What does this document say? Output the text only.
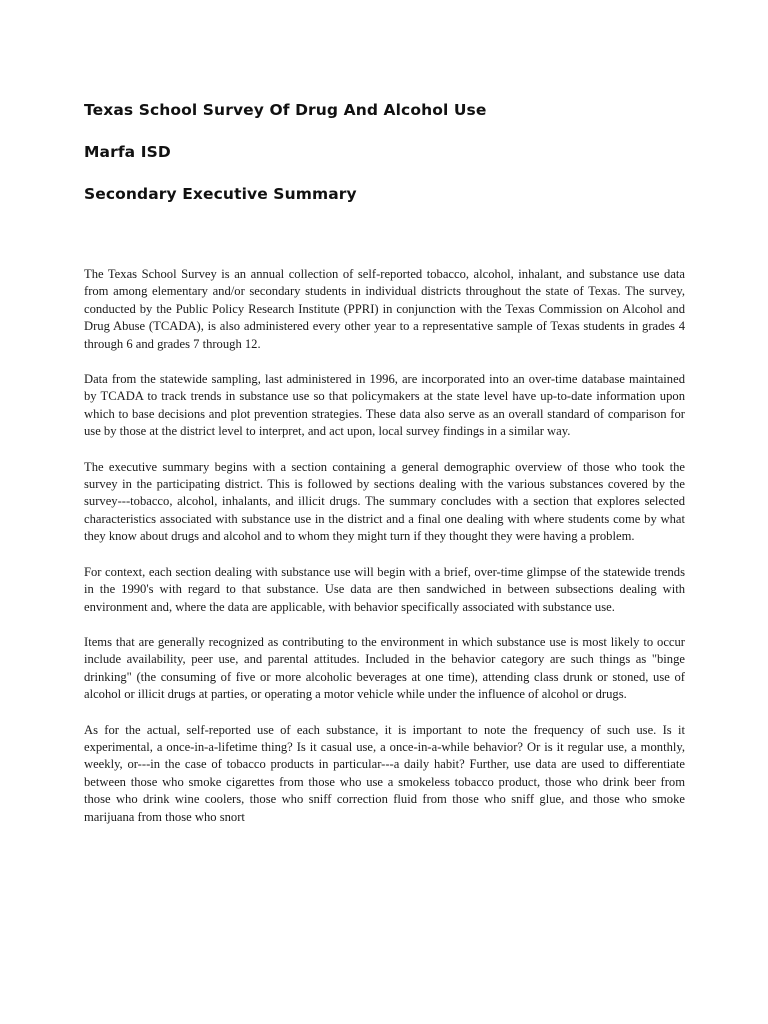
Texas School Survey Of Drug And Alcohol Use
Marfa ISD
Secondary Executive Summary

The Texas School Survey is an annual collection of self-reported tobacco, alcohol, inhalant, and substance use data from among elementary and/or secondary students in individual districts throughout the state of Texas. The survey, conducted by the Public Policy Research Institute (PPRI) in conjunction with the Texas Commission on Alcohol and Drug Abuse (TCADA), is also administered every other year to a representative sample of Texas students in grades 4 through 6 and grades 7 through 12.

Data from the statewide sampling, last administered in 1996, are incorporated into an over-time database maintained by TCADA to track trends in substance use so that policymakers at the state level have up-to-date information upon which to base decisions and plot prevention strategies. These data also serve as an overall standard of comparison for use by those at the district level to interpret, and act upon, local survey findings in a similar way.

The executive summary begins with a section containing a general demographic overview of those who took the survey in the participating district. This is followed by sections dealing with the various substances covered by the survey---tobacco, alcohol, inhalants, and illicit drugs. The summary concludes with a section that explores selected characteristics associated with substance use in the district and a final one dealing with where students come by what they know about drugs and alcohol and to whom they might turn if they thought they were having a problem.

For context, each section dealing with substance use will begin with a brief, over-time glimpse of the statewide trends in the 1990's with regard to that substance. Use data are then sandwiched in between subsections dealing with environment and, where the data are applicable, with behavior specifically associated with substance use.

Items that are generally recognized as contributing to the environment in which substance use is most likely to occur include availability, peer use, and parental attitudes. Included in the behavior category are such things as "binge drinking" (the consuming of five or more alcoholic beverages at one time), attending class drunk or stoned, use of alcohol or illicit drugs at parties, or operating a motor vehicle while under the influence of alcohol or drugs.

As for the actual, self-reported use of each substance, it is important to note the frequency of such use. Is it experimental, a once-in-a-lifetime thing? Is it casual use, a once-in-a-while behavior? Or is it regular use, a monthly, weekly, or---in the case of tobacco products in particular---a daily habit? Further, use data are used to differentiate between those who smoke cigarettes from those who use a smokeless tobacco product, those who drink beer from those who drink wine coolers, those who sniff correction fluid from those who sniff glue, and those who smoke marijuana from those who snort
